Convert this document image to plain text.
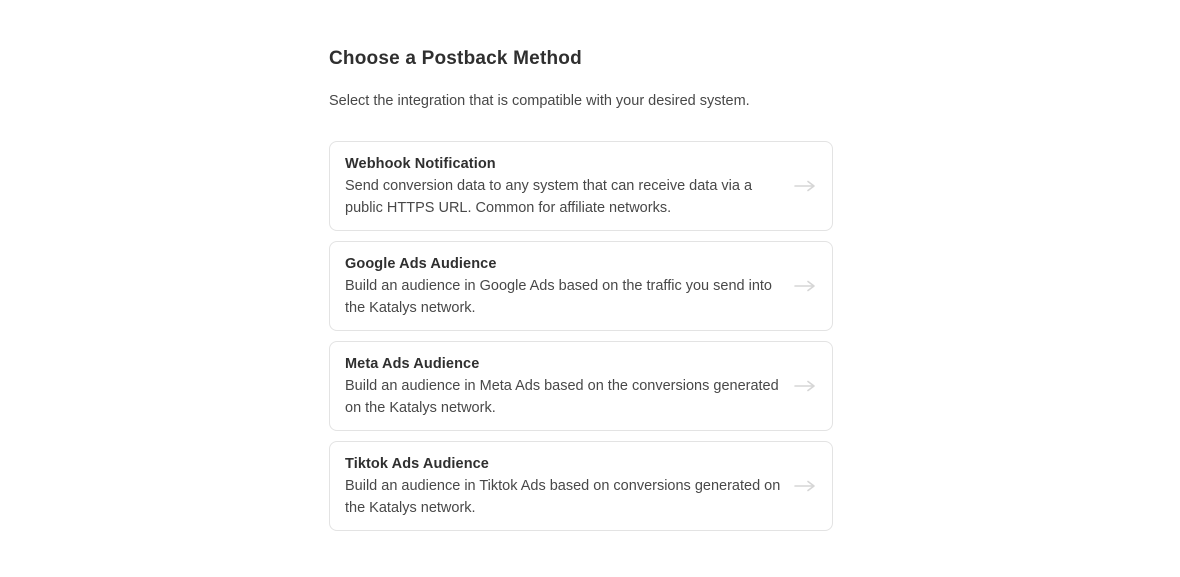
Choose a Postback Method

Select the integration that is compatible with your desired system.

Webhook Notification
Send conversion data to any system that can receive data via a public HTTPS URL. Common for affiliate networks.
Google Ads Audience
Build an audience in Google Ads based on the traffic you send into the Katalys network.
Meta Ads Audience
Build an audience in Meta Ads based on the conversions generated on the Katalys network.
Tiktok Ads Audience
Build an audience in Tiktok Ads based on conversions generated on the Katalys network.
